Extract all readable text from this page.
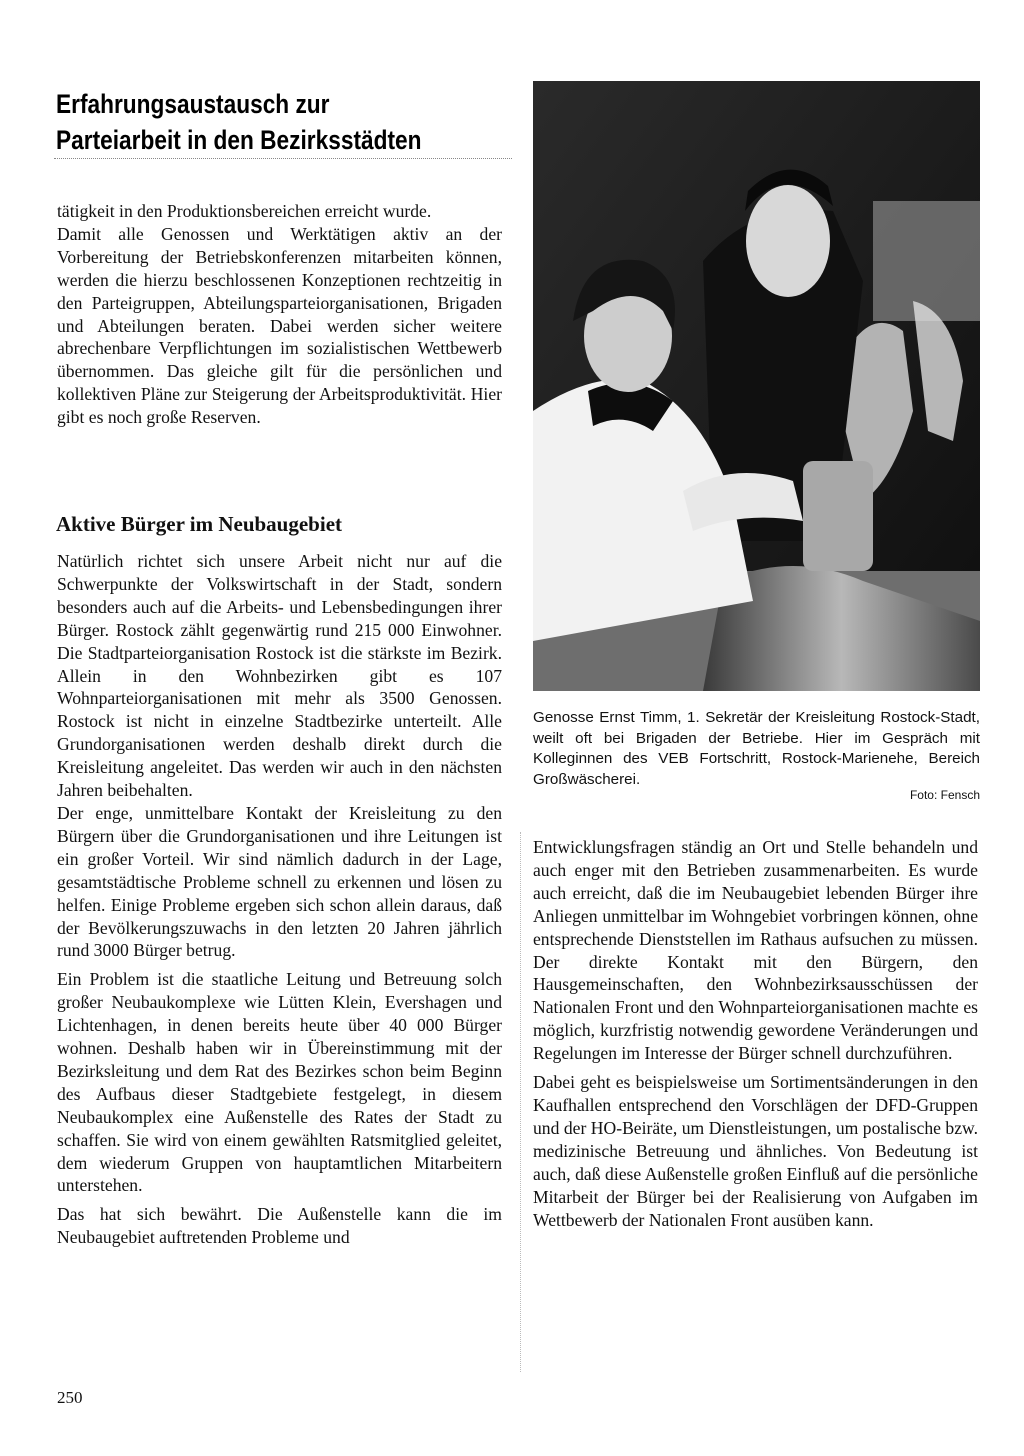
Erfahrungsaustausch zur
Parteiarbeit in den Bezirksstädten

tätigkeit in den Produktionsbereichen erreicht wurde.

Damit alle Genossen und Werktätigen aktiv an der Vorbereitung der Betriebskonferenzen mitarbeiten können, werden die hierzu beschlossenen Konzeptionen rechtzeitig in den Parteigruppen, Abteilungsparteiorganisationen, Brigaden und Abteilungen beraten. Dabei werden sicher weitere abrechenbare Verpflichtungen im sozialistischen Wettbewerb übernommen. Das gleiche gilt für die persönlichen und kollektiven Pläne zur Steigerung der Arbeitsproduktivität. Hier gibt es noch große Reserven.

Aktive Bürger im Neubaugebiet

Natürlich richtet sich unsere Arbeit nicht nur auf die Schwerpunkte der Volkswirtschaft in der Stadt, sondern besonders auch auf die Arbeits- und Lebensbedingungen ihrer Bürger. Rostock zählt gegenwärtig rund 215 000 Einwohner. Die Stadtparteiorganisation Rostock ist die stärkste im Bezirk. Allein in den Wohnbezirken gibt es 107 Wohnparteiorganisationen mit mehr als 3500 Genossen. Rostock ist nicht in einzelne Stadtbezirke unterteilt. Alle Grundorganisationen werden deshalb direkt durch die Kreisleitung angeleitet. Das werden wir auch in den nächsten Jahren beibehalten.

Der enge, unmittelbare Kontakt der Kreisleitung zu den Bürgern über die Grundorganisationen und ihre Leitungen ist ein großer Vorteil. Wir sind nämlich dadurch in der Lage, gesamtstädtische Probleme schnell zu erkennen und lösen zu helfen. Einige Probleme ergeben sich schon allein daraus, daß der Bevölkerungszuwachs in den letzten 20 Jahren jährlich rund 3000 Bürger betrug.

Ein Problem ist die staatliche Leitung und Betreuung solch großer Neubaukomplexe wie Lütten Klein, Evershagen und Lichtenhagen, in denen bereits heute über 40 000 Bürger wohnen. Deshalb haben wir in Übereinstimmung mit der Bezirksleitung und dem Rat des Bezirkes schon beim Beginn des Aufbaus dieser Stadtgebiete festgelegt, in diesem Neubaukomplex eine Außenstelle des Rates der Stadt zu schaffen. Sie wird von einem gewählten Ratsmitglied geleitet, dem wiederum Gruppen von hauptamtlichen Mitarbeitern unterstehen.

Das hat sich bewährt. Die Außenstelle kann die im Neubaugebiet auftretenden Probleme und

Genosse Ernst Timm, 1. Sekretär der Kreisleitung Rostock-Stadt, weilt oft bei Brigaden der Betriebe. Hier im Gespräch mit Kolleginnen des VEB Fortschritt, Rostock-Marienehe, Bereich Großwäscherei.
Foto: Fensch

Entwicklungsfragen ständig an Ort und Stelle behandeln und auch enger mit den Betrieben zusammenarbeiten. Es wurde auch erreicht, daß die im Neubaugebiet lebenden Bürger ihre Anliegen unmittelbar im Wohngebiet vorbringen können, ohne entsprechende Dienststellen im Rathaus aufsuchen zu müssen. Der direkte Kontakt mit den Bürgern, den Hausgemeinschaften, den Wohnbezirksausschüssen der Nationalen Front und den Wohnparteiorganisationen machte es möglich, kurzfristig notwendig gewordene Veränderungen und Regelungen im Interesse der Bürger schnell durchzuführen.

Dabei geht es beispielsweise um Sortimentsänderungen in den Kaufhallen entsprechend den Vorschlägen der DFD-Gruppen und der HO-Beiräte, um Dienstleistungen, um postalische bzw. medizinische Betreuung und ähnliches. Von Bedeutung ist auch, daß diese Außenstelle großen Einfluß auf die persönliche Mitarbeit der Bürger bei der Realisierung von Aufgaben im Wettbewerb der Nationalen Front ausüben kann.

250
